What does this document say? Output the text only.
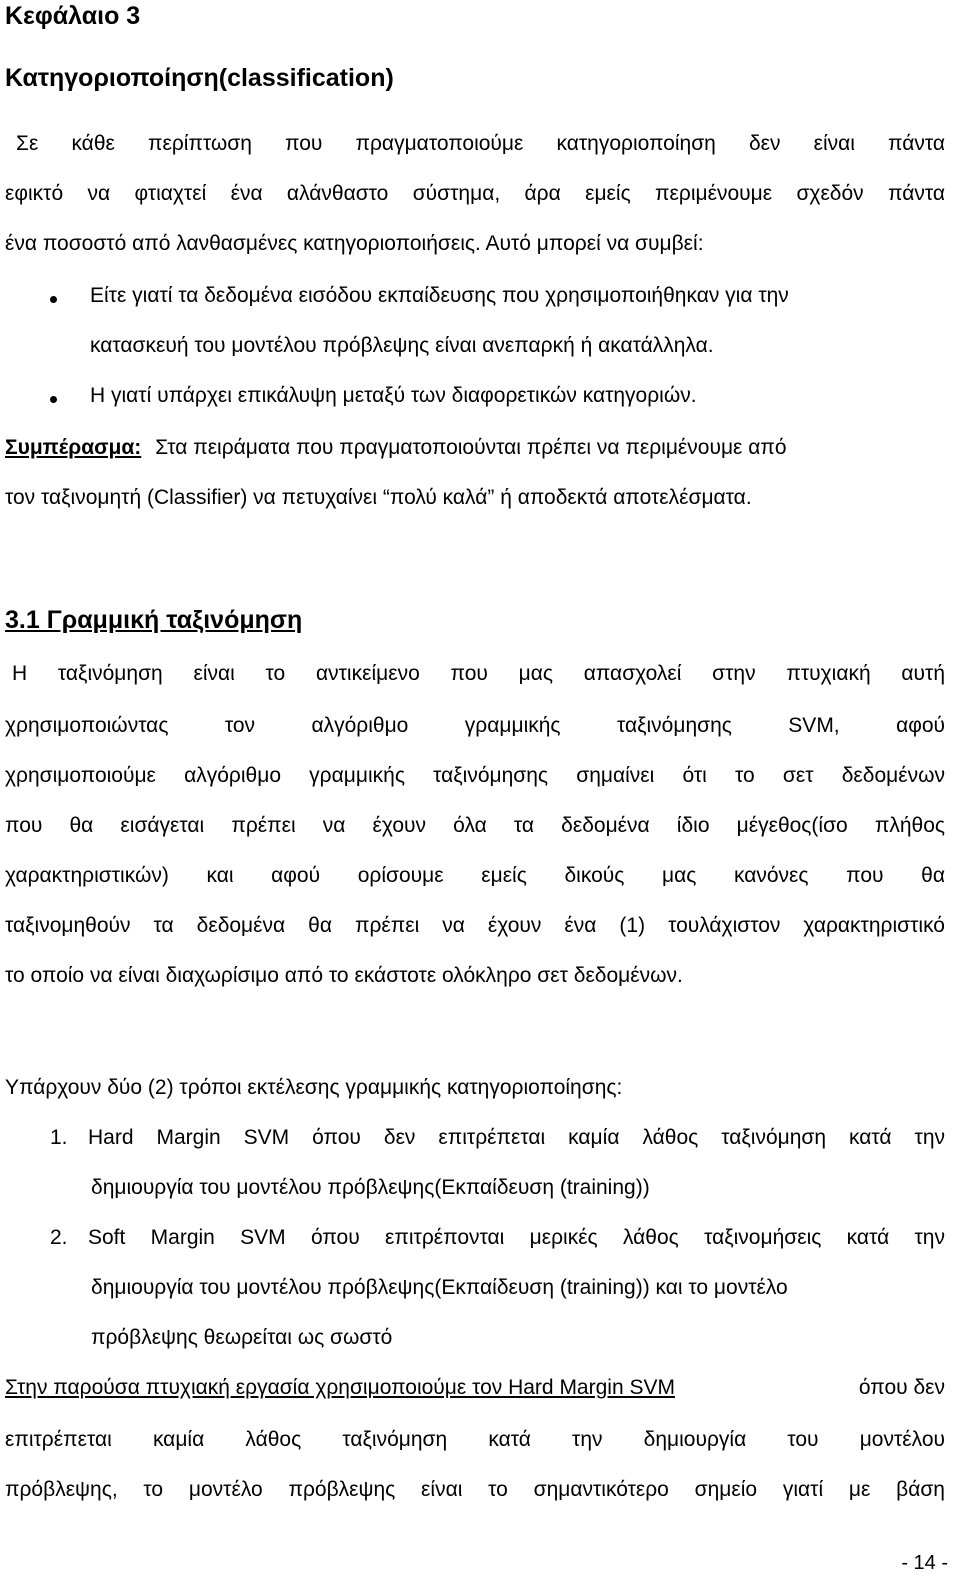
Κεφάλαιο 3
Κατηγοριοποίηση(classification)
Σε κάθε περίπτωση που πραγματοποιούμε κατηγοριοποίηση δεν είναι πάντα
εφικτό να φτιαχτεί ένα αλάνθαστο σύστημα, άρα εμείς περιμένουμε σχεδόν πάντα
ένα ποσοστό από λανθασμένες κατηγοριοποιήσεις. Αυτό μπορεί να συμβεί:
Είτε γιατί τα δεδομένα εισόδου εκπαίδευσης που χρησιμοποιήθηκαν για την
κατασκευή του μοντέλου πρόβλεψης είναι ανεπαρκή ή ακατάλληλα.
Η γιατί υπάρχει επικάλυψη μεταξύ των διαφορετικών κατηγοριών.
Συμπέρασμα: Στα πειράματα που πραγματοποιούνται πρέπει να περιμένουμε από
τον ταξινομητή (Classifier) να πετυχαίνει “πολύ καλά” ή αποδεκτά αποτελέσματα.
3.1 Γραμμική ταξινόμηση
Η ταξινόμηση είναι το αντικείμενο που μας απασχολεί στην πτυχιακή αυτή
χρησιμοποιώντας τον αλγόριθμο γραμμικής ταξινόμησης SVM, αφού
χρησιμοποιούμε αλγόριθμο γραμμικής ταξινόμησης σημαίνει ότι το σετ δεδομένων
που θα εισάγεται πρέπει να έχουν όλα τα δεδομένα ίδιο μέγεθος(ίσο πλήθος
χαρακτηριστικών) και αφού ορίσουμε εμείς δικούς μας κανόνες που θα
ταξινομηθούν τα δεδομένα θα πρέπει να έχουν ένα (1) τουλάχιστον χαρακτηριστικό
το οποίο να είναι διαχωρίσιμο από το εκάστοτε ολόκληρο σετ δεδομένων.
Υπάρχουν δύο (2) τρόποι εκτέλεσης γραμμικής κατηγοριοποίησης:
1. Hard Margin SVM όπου δεν επιτρέπεται καμία λάθος ταξινόμηση κατά την
δημιουργία του μοντέλου πρόβλεψης(Εκπαίδευση (training))
2. Soft Margin SVM όπου επιτρέπονται μερικές λάθος ταξινομήσεις κατά την
δημιουργία του μοντέλου πρόβλεψης(Εκπαίδευση (training)) και το μοντέλο
πρόβλεψης θεωρείται ως σωστό
Στην παρούσα πτυχιακή εργασία χρησιμοποιούμε τον Hard Margin SVM	όπου δεν
επιτρέπεται καμία λάθος ταξινόμηση κατά την δημιουργία του μοντέλου
πρόβλεψης, το μοντέλο πρόβλεψης είναι το σημαντικότερο σημείο γιατί με βάση
- 14 -
